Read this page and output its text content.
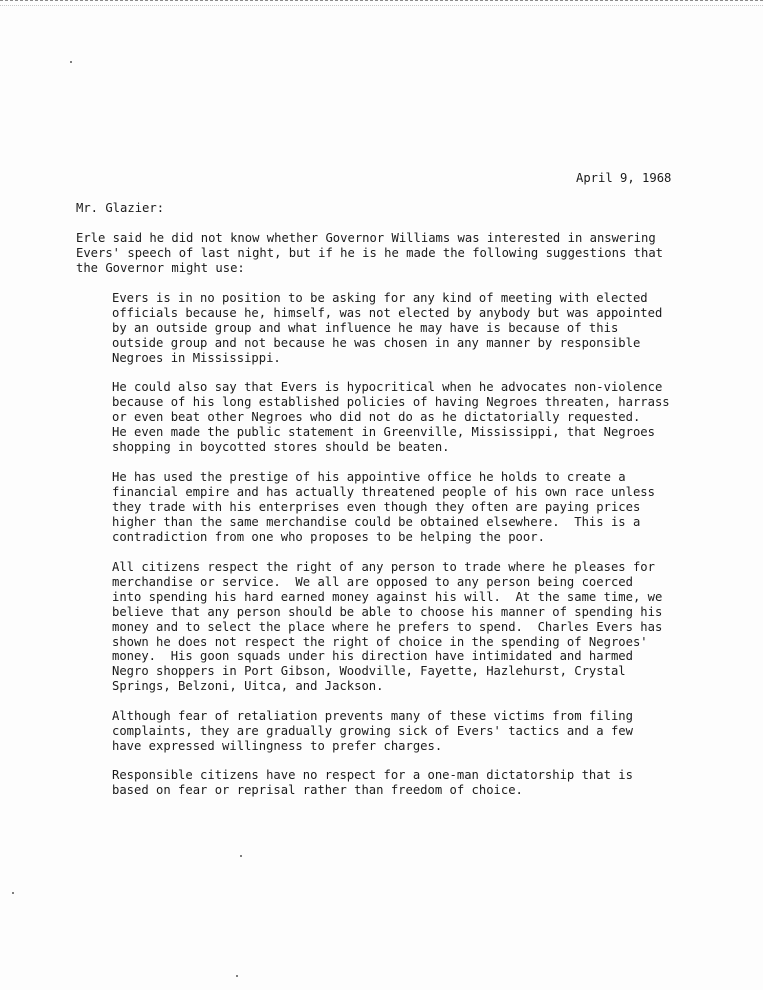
April 9, 1968
Mr. Glazier:

Erle said he did not know whether Governor Williams was interested in answering
Evers' speech of last night, but if he is he made the following suggestions that
the Governor might use:

Evers is in no position to be asking for any kind of meeting with elected
officials because he, himself, was not elected by anybody but was appointed
by an outside group and what influence he may have is because of this
outside group and not because he was chosen in any manner by responsible
Negroes in Mississippi.

He could also say that Evers is hypocritical when he advocates non-violence
because of his long established policies of having Negroes threaten, harrass
or even beat other Negroes who did not do as he dictatorially requested.
He even made the public statement in Greenville, Mississippi, that Negroes
shopping in boycotted stores should be beaten.

He has used the prestige of his appointive office he holds to create a
financial empire and has actually threatened people of his own race unless
they trade with his enterprises even though they often are paying prices
higher than the same merchandise could be obtained elsewhere.  This is a
contradiction from one who proposes to be helping the poor.

All citizens respect the right of any person to trade where he pleases for
merchandise or service.  We all are opposed to any person being coerced
into spending his hard earned money against his will.  At the same time, we
believe that any person should be able to choose his manner of spending his
money and to select the place where he prefers to spend.  Charles Evers has
shown he does not respect the right of choice in the spending of Negroes'
money.  His goon squads under his direction have intimidated and harmed
Negro shoppers in Port Gibson, Woodville, Fayette, Hazlehurst, Crystal
Springs, Belzoni, Uitca, and Jackson.

Although fear of retaliation prevents many of these victims from filing
complaints, they are gradually growing sick of Evers' tactics and a few
have expressed willingness to prefer charges.

Responsible citizens have no respect for a one-man dictatorship that is
based on fear or reprisal rather than freedom of choice.
